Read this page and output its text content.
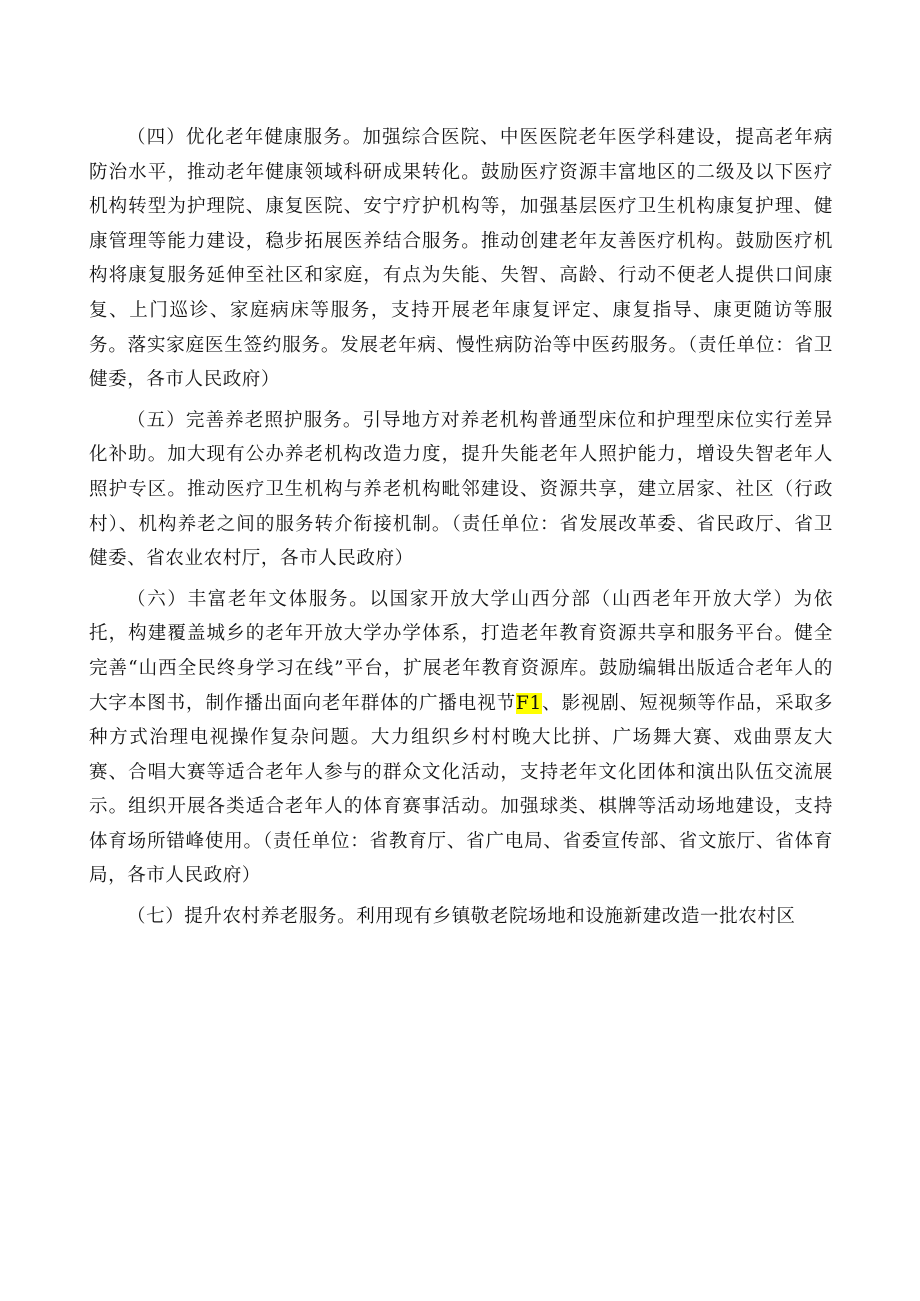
（四）优化老年健康服务。加强综合医院、中医医院老年医学科建设，提高老年病防治水平，推动老年健康领域科研成果转化。鼓励医疗资源丰富地区的二级及以下医疗机构转型为护理院、康复医院、安宁疗护机构等，加强基层医疗卫生机构康复护理、健康管理等能力建设，稳步拓展医养结合服务。推动创建老年友善医疗机构。鼓励医疗机构将康复服务延伸至社区和家庭，有点为失能、失智、高龄、行动不便老人提供口间康复、上门巡诊、家庭病床等服务，支持开展老年康复评定、康复指导、康更随访等服务。落实家庭医生签约服务。发展老年病、慢性病防治等中医药服务。（责任单位：省卫健委，各市人民政府）

（五）完善养老照护服务。引导地方对养老机构普通型床位和护理型床位实行差异化补助。加大现有公办养老机构改造力度，提升失能老年人照护能力，增设失智老年人照护专区。推动医疗卫生机构与养老机构毗邻建设、资源共享，建立居家、社区（行政村）、机构养老之间的服务转介衔接机制。（责任单位：省发展改革委、省民政厅、省卫健委、省农业农村厅，各市人民政府）

（六）丰富老年文体服务。以国家开放大学山西分部（山西老年开放大学）为依托，构建覆盖城乡的老年开放大学办学体系，打造老年教育资源共享和服务平台。健全完善“山西全民终身学习在线”平台，扩展老年教育资源库。鼓励编辑出版适合老年人的大字本图书，制作播出面向老年群体的广播电视节F1、影视剧、短视频等作品，采取多种方式治理电视操作复杂问题。大力组织乡村村晚大比拼、广场舞大赛、戏曲票友大赛、合唱大赛等适合老年人参与的群众文化活动，支持老年文化团体和演出队伍交流展示。组织开展各类适合老年人的体育赛事活动。加强球类、棋牌等活动场地建设，支持体育场所错峰使用。（责任单位：省教育厅、省广电局、省委宣传部、省文旅厅、省体育局，各市人民政府）

（七）提升农村养老服务。利用现有乡镇敬老院场地和设施新建改造一批农村区
